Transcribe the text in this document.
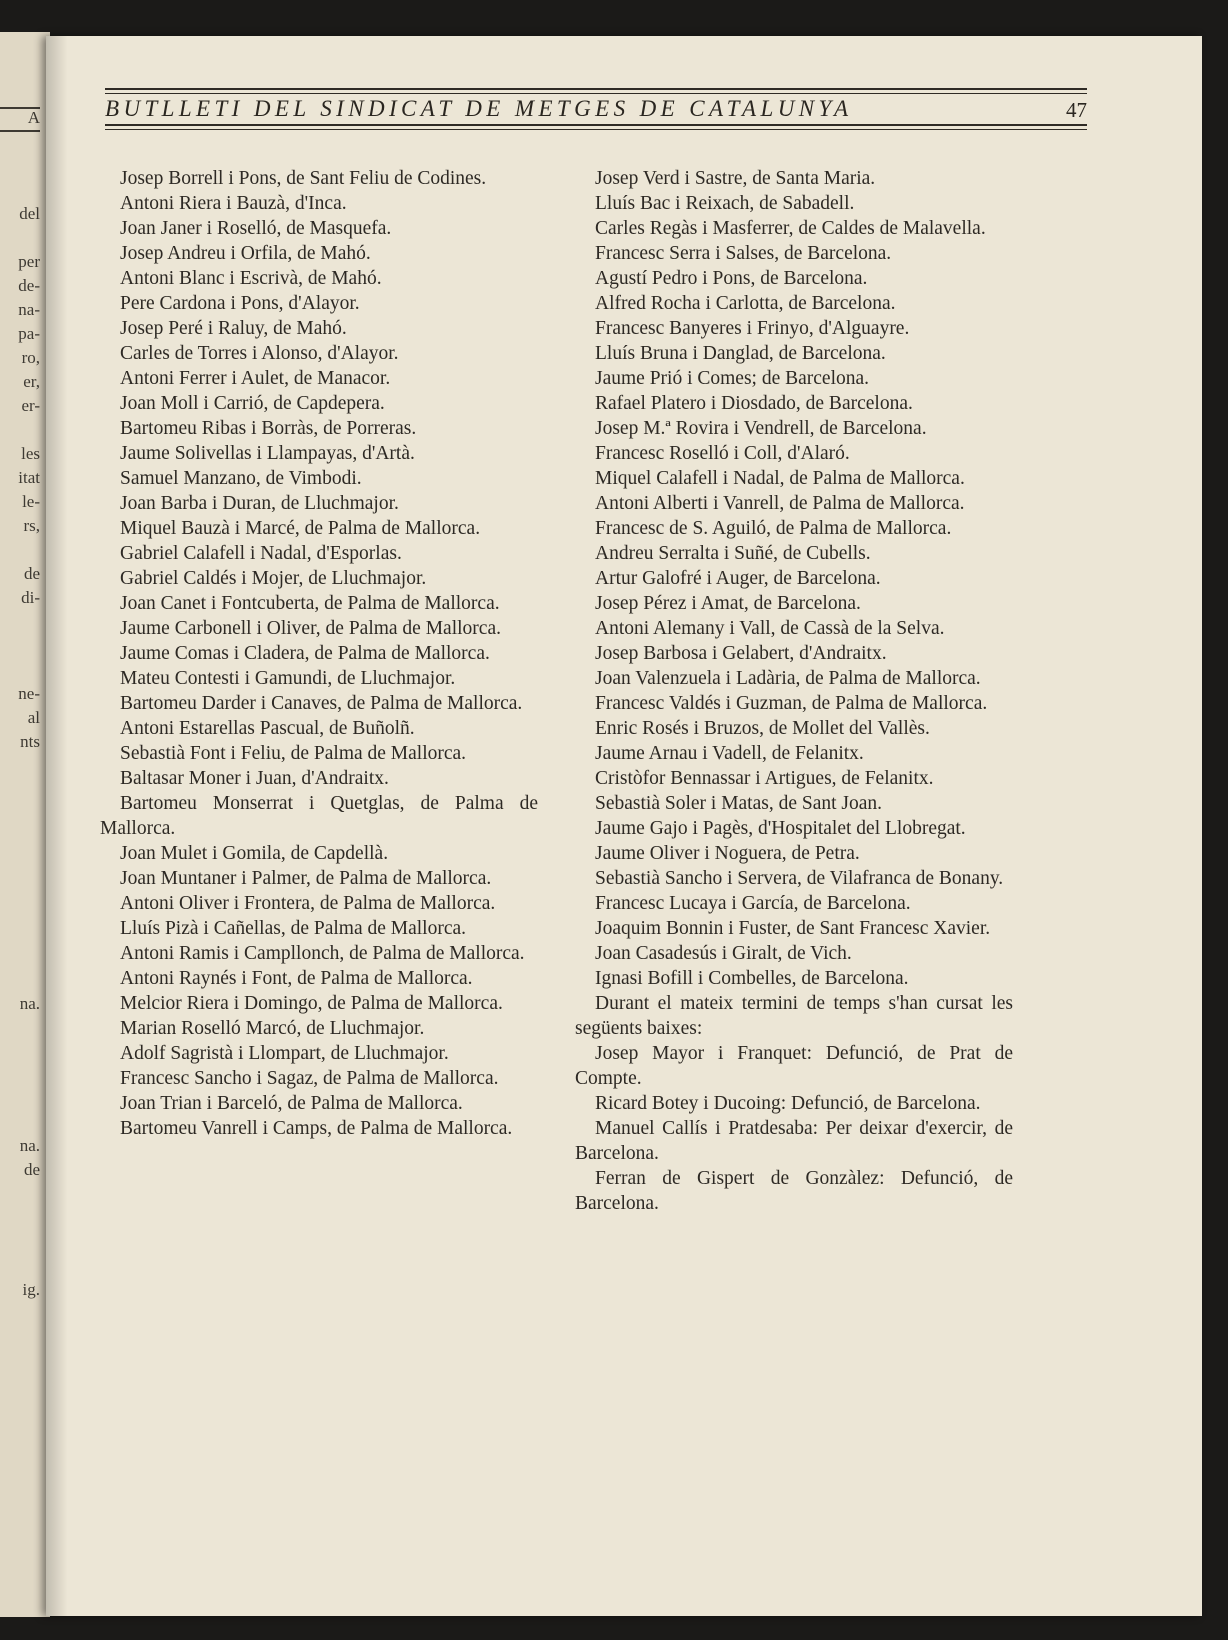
A
del
per
de-
na-
pa-
ro,
er,
er-
les
itat
le-
rs,
de
di-
ne-
al
nts
na.
na.
de
ig.
BUTLLETI DEL SINDICAT DE METGES DE CATALUNYA	47

Josep Borrell i Pons, de Sant Feliu de Codines.

Antoni Riera i Bauzà, d'Inca.

Joan Janer i Roselló, de Masquefa.

Josep Andreu i Orfila, de Mahó.

Antoni Blanc i Escrivà, de Mahó.

Pere Cardona i Pons, d'Alayor.

Josep Peré i Raluy, de Mahó.

Carles de Torres i Alonso, d'Alayor.

Antoni Ferrer i Aulet, de Manacor.

Joan Moll i Carrió, de Capdepera.

Bartomeu Ribas i Borràs, de Porreras.

Jaume Solivellas i Llampayas, d'Artà.

Samuel Manzano, de Vimbodi.

Joan Barba i Duran, de Lluchmajor.

Miquel Bauzà i Marcé, de Palma de Mallorca.

Gabriel Calafell i Nadal, d'Esporlas.

Gabriel Caldés i Mojer, de Lluchmajor.

Joan Canet i Fontcuberta, de Palma de Mallorca.

Jaume Carbonell i Oliver, de Palma de Mallorca.

Jaume Comas i Cladera, de Palma de Mallorca.

Mateu Contesti i Gamundi, de Lluchmajor.

Bartomeu Darder i Canaves, de Palma de Mallorca.

Antoni Estarellas Pascual, de Buñolñ.

Sebastià Font i Feliu, de Palma de Mallorca.

Baltasar Moner i Juan, d'Andraitx.

Bartomeu Monserrat i Quetglas, de Palma de Mallorca.

Joan Mulet i Gomila, de Capdellà.

Joan Muntaner i Palmer, de Palma de Mallorca.

Antoni Oliver i Frontera, de Palma de Mallorca.

Lluís Pizà i Cañellas, de Palma de Mallorca.

Antoni Ramis i Campllonch, de Palma de Mallorca.

Antoni Raynés i Font, de Palma de Mallorca.

Melcior Riera i Domingo, de Palma de Mallorca.

Marian Roselló Marcó, de Lluchmajor.

Adolf Sagristà i Llompart, de Lluchmajor.

Francesc Sancho i Sagaz, de Palma de Mallorca.

Joan Trian i Barceló, de Palma de Mallorca.

Bartomeu Vanrell i Camps, de Palma de Mallorca.

Josep Verd i Sastre, de Santa Maria.

Lluís Bac i Reixach, de Sabadell.

Carles Regàs i Masferrer, de Caldes de Malavella.

Francesc Serra i Salses, de Barcelona.

Agustí Pedro i Pons, de Barcelona.

Alfred Rocha i Carlotta, de Barcelona.

Francesc Banyeres i Frinyo, d'Alguayre.

Lluís Bruna i Danglad, de Barcelona.

Jaume Prió i Comes; de Barcelona.

Rafael Platero i Diosdado, de Barcelona.

Josep M.ª Rovira i Vendrell, de Barcelona.

Francesc Roselló i Coll, d'Alaró.

Miquel Calafell i Nadal, de Palma de Mallorca.

Antoni Alberti i Vanrell, de Palma de Mallorca.

Francesc de S. Aguiló, de Palma de Mallorca.

Andreu Serralta i Suñé, de Cubells.

Artur Galofré i Auger, de Barcelona.

Josep Pérez i Amat, de Barcelona.

Antoni Alemany i Vall, de Cassà de la Selva.

Josep Barbosa i Gelabert, d'Andraitx.

Joan Valenzuela i Ladària, de Palma de Mallorca.

Francesc Valdés i Guzman, de Palma de Mallorca.

Enric Rosés i Bruzos, de Mollet del Vallès.

Jaume Arnau i Vadell, de Felanitx.

Cristòfor Bennassar i Artigues, de Felanitx.

Sebastià Soler i Matas, de Sant Joan.

Jaume Gajo i Pagès, d'Hospitalet del Llobregat.

Jaume Oliver i Noguera, de Petra.

Sebastià Sancho i Servera, de Vilafranca de Bonany.

Francesc Lucaya i García, de Barcelona.

Joaquim Bonnin i Fuster, de Sant Francesc Xavier.

Joan Casadesús i Giralt, de Vich.

Ignasi Bofill i Combelles, de Barcelona.

Durant el mateix termini de temps s'han cursat les següents baixes:

Josep Mayor i Franquet: Defunció, de Prat de Compte.

Ricard Botey i Ducoing: Defunció, de Barcelona.

Manuel Callís i Pratdesaba: Per deixar d'exercir, de Barcelona.

Ferran de Gispert de Gonzàlez: Defunció, de Barcelona.
